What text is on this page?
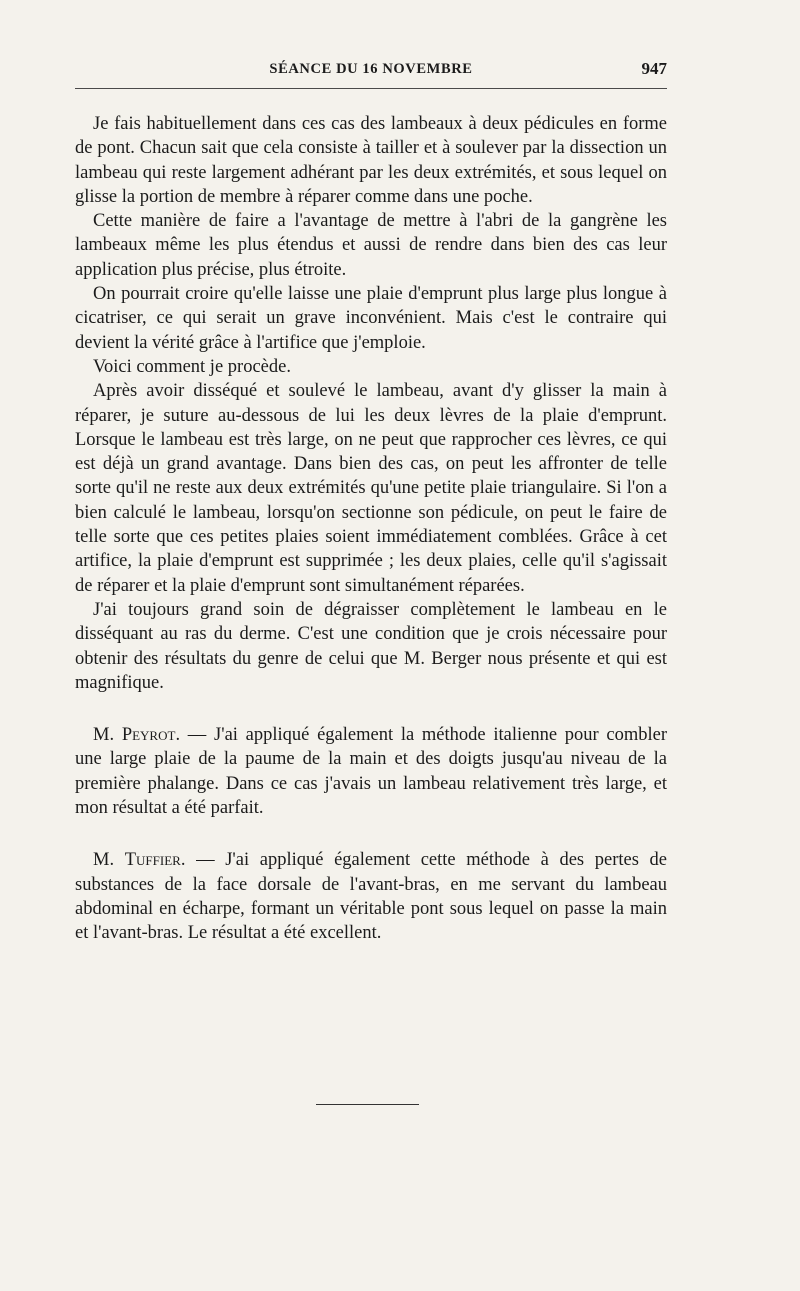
SÉANCE DU 16 NOVEMBRE	947

Je fais habituellement dans ces cas des lambeaux à deux pédicules en forme de pont. Chacun sait que cela consiste à tailler et à soulever par la dissection un lambeau qui reste largement adhérant par les deux extrémités, et sous lequel on glisse la portion de membre à réparer comme dans une poche.

Cette manière de faire a l'avantage de mettre à l'abri de la gangrène les lambeaux même les plus étendus et aussi de rendre dans bien des cas leur application plus précise, plus étroite.

On pourrait croire qu'elle laisse une plaie d'emprunt plus large plus longue à cicatriser, ce qui serait un grave inconvénient. Mais c'est le contraire qui devient la vérité grâce à l'artifice que j'emploie.

Voici comment je procède.

Après avoir disséqué et soulevé le lambeau, avant d'y glisser la main à réparer, je suture au-dessous de lui les deux lèvres de la plaie d'emprunt. Lorsque le lambeau est très large, on ne peut que rapprocher ces lèvres, ce qui est déjà un grand avantage. Dans bien des cas, on peut les affronter de telle sorte qu'il ne reste aux deux extrémités qu'une petite plaie triangulaire. Si l'on a bien calculé le lambeau, lorsqu'on sectionne son pédicule, on peut le faire de telle sorte que ces petites plaies soient immédiatement comblées. Grâce à cet artifice, la plaie d'emprunt est supprimée ; les deux plaies, celle qu'il s'agissait de réparer et la plaie d'emprunt sont simultanément réparées.

J'ai toujours grand soin de dégraisser complètement le lambeau en le disséquant au ras du derme. C'est une condition que je crois nécessaire pour obtenir des résultats du genre de celui que M. Berger nous présente et qui est magnifique.

M. Peyrot. — J'ai appliqué également la méthode italienne pour combler une large plaie de la paume de la main et des doigts jusqu'au niveau de la première phalange. Dans ce cas j'avais un lambeau relativement très large, et mon résultat a été parfait.

M. Tuffier. — J'ai appliqué également cette méthode à des pertes de substances de la face dorsale de l'avant-bras, en me servant du lambeau abdominal en écharpe, formant un véritable pont sous lequel on passe la main et l'avant-bras. Le résultat a été excellent.
